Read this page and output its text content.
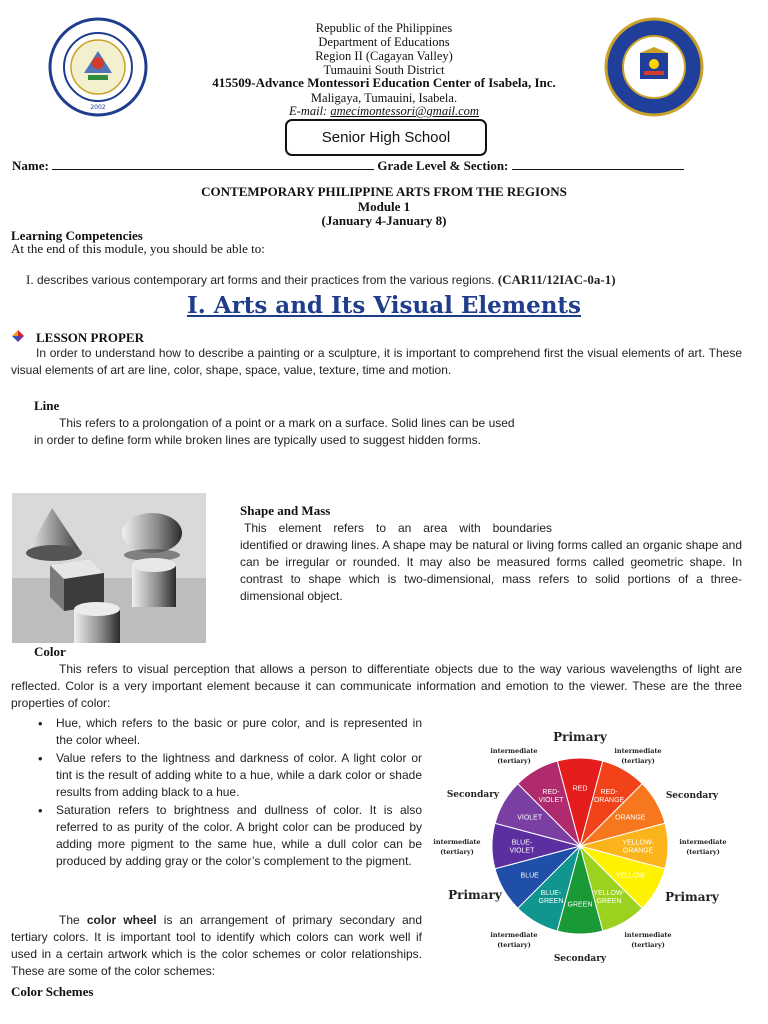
2002
Republic of the Philippines
Department of Educations
Region II (Cagayan Valley)
Tumauini South District
415509-Advance Montessori Education Center of Isabela, Inc.
Maligaya, Tumauini, Isabela.
E-mail: amecimontessori@gmail.com
Senior High School
Name:	Grade Level & Section:
CONTEMPORARY PHILIPPINE ARTS FROM THE REGIONS
Module 1
(January 4-January 8)
Learning Competencies
At the end of this module, you should be able to:
I. describes various contemporary art forms and their practices from the various regions. (CAR11/12IAC-0a-1)
I. Arts and Its Visual Elements
LESSON PROPER
In order to understand how to describe a painting or a sculpture, it is important to comprehend first the visual elements of art. These visual elements of art are line, color, shape, space, value, texture, time and motion.
Line
This refers to a prolongation of a point or a mark on a surface. Solid lines can be used
in order to define form while broken lines are typically used to suggest hidden forms.
Shape and Mass
This element refers to an area with boundaries
identified or drawing lines. A shape may be natural or living forms called an organic shape and can be irregular or rounded. It may also be measured forms called geometric shape. In contrast to shape which is two-dimensional, mass refers to solid portions of a three-dimensional object.
Color
This refers to visual perception that allows a person to differentiate objects due to the way various wavelengths of light are reflected. Color is a very important element because it can communicate information and emotion to the viewer. These are the three properties of color:
• Hue, which refers to the basic or pure color, and is represented in the color wheel.
• Value refers to the lightness and darkness of color. A light color or tint is the result of adding white to a hue, while a dark color or shade results from adding black to a hue.
• Saturation refers to brightness and dullness of color. It is also referred to as purity of the color. A bright color can be produced by adding more pigment to the same hue, while a dull color can be produced by adding gray or the color’s complement to the pigment.
The color wheel is an arrangement of primary secondary and tertiary colors. It is important tool to identify which colors can work well if used in a certain artwork which is the color schemes or color relationships. These are some of the color schemes:
Color Schemes
RED
RED-ORANGE
ORANGE
YELLOW-ORANGE
YELLOW
YELLOW-GREEN
GREEN
BLUE-GREEN
BLUE
BLUE-VIOLET
VIOLET
RED-VIOLET
Primary
Secondary	Secondary
Primary	Primary
Secondary
intermediate
(tertiary)
intermediate
(tertiary)
intermediate
(tertiary)
intermediate
(tertiary)
intermediate
(tertiary)
intermediate
(tertiary)
